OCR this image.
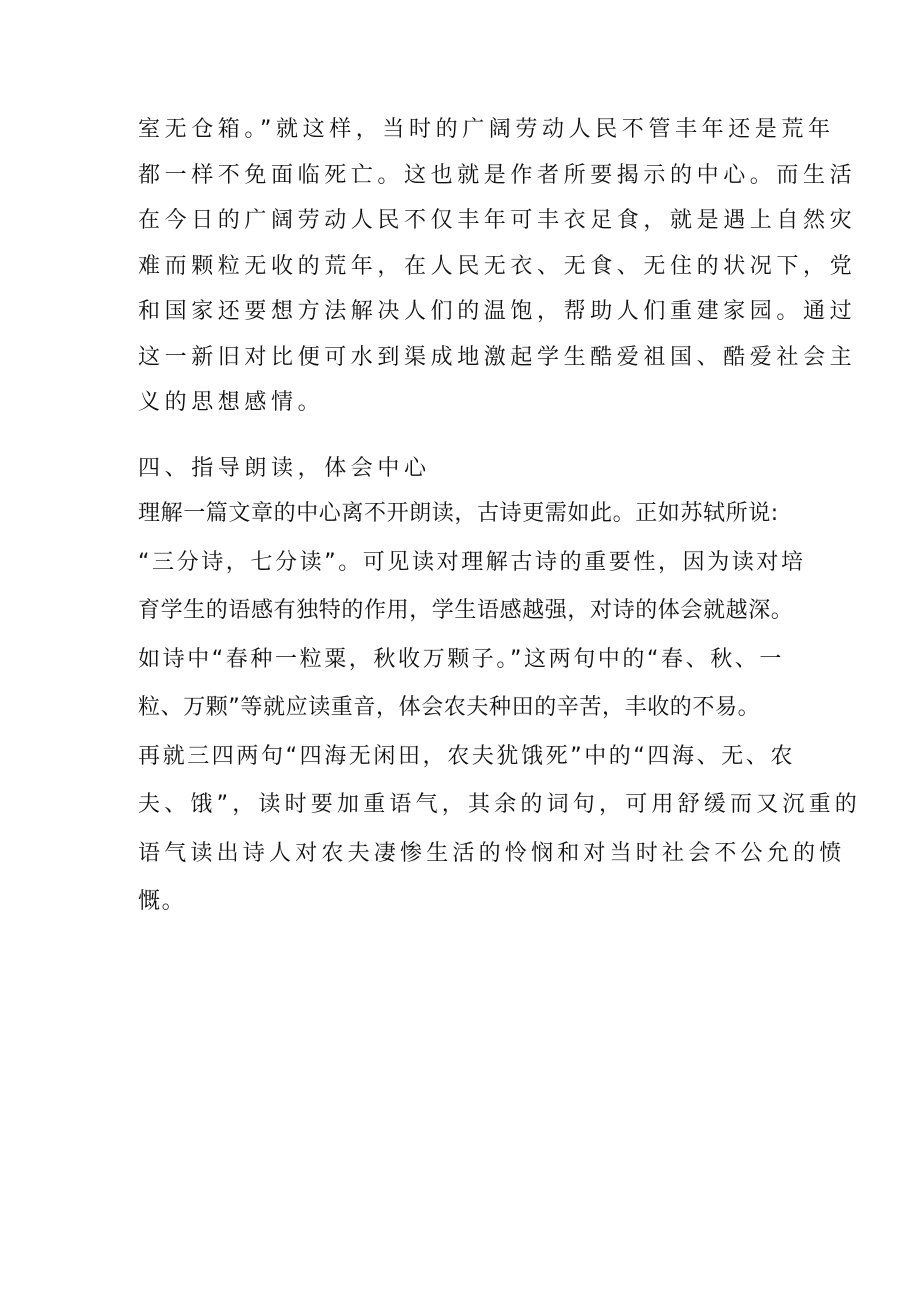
室无仓箱。”就这样，当时的广阔劳动人民不管丰年还是荒年
都一样不免面临死亡。这也就是作者所要揭示的中心。而生活
在今日的广阔劳动人民不仅丰年可丰衣足食，就是遇上自然灾
难而颗粒无收的荒年，在人民无衣、无食、无住的状况下，党
和国家还要想方法解决人们的温饱，帮助人们重建家园。通过
这一新旧对比便可水到渠成地激起学生酷爱祖国、酷爱社会主
义的思想感情。
四、指导朗读，体会中心
理解一篇文章的中心离不开朗读，古诗更需如此。正如苏轼所说:
“三分诗，七分读”。可见读对理解古诗的重要性，因为读对培
育学生的语感有独特的作用，学生语感越强，对诗的体会就越深。
如诗中“春种一粒粟，秋收万颗子。”这两句中的“春、秋、一
粒、万颗”等就应读重音，体会农夫种田的辛苦，丰收的不易。
再就三四两句“四海无闲田，农夫犹饿死”中的“四海、无、农
夫、饿”，读时要加重语气，其余的词句，可用舒缓而又沉重的
语气读出诗人对农夫凄惨生活的怜悯和对当时社会不公允的愤
慨。
